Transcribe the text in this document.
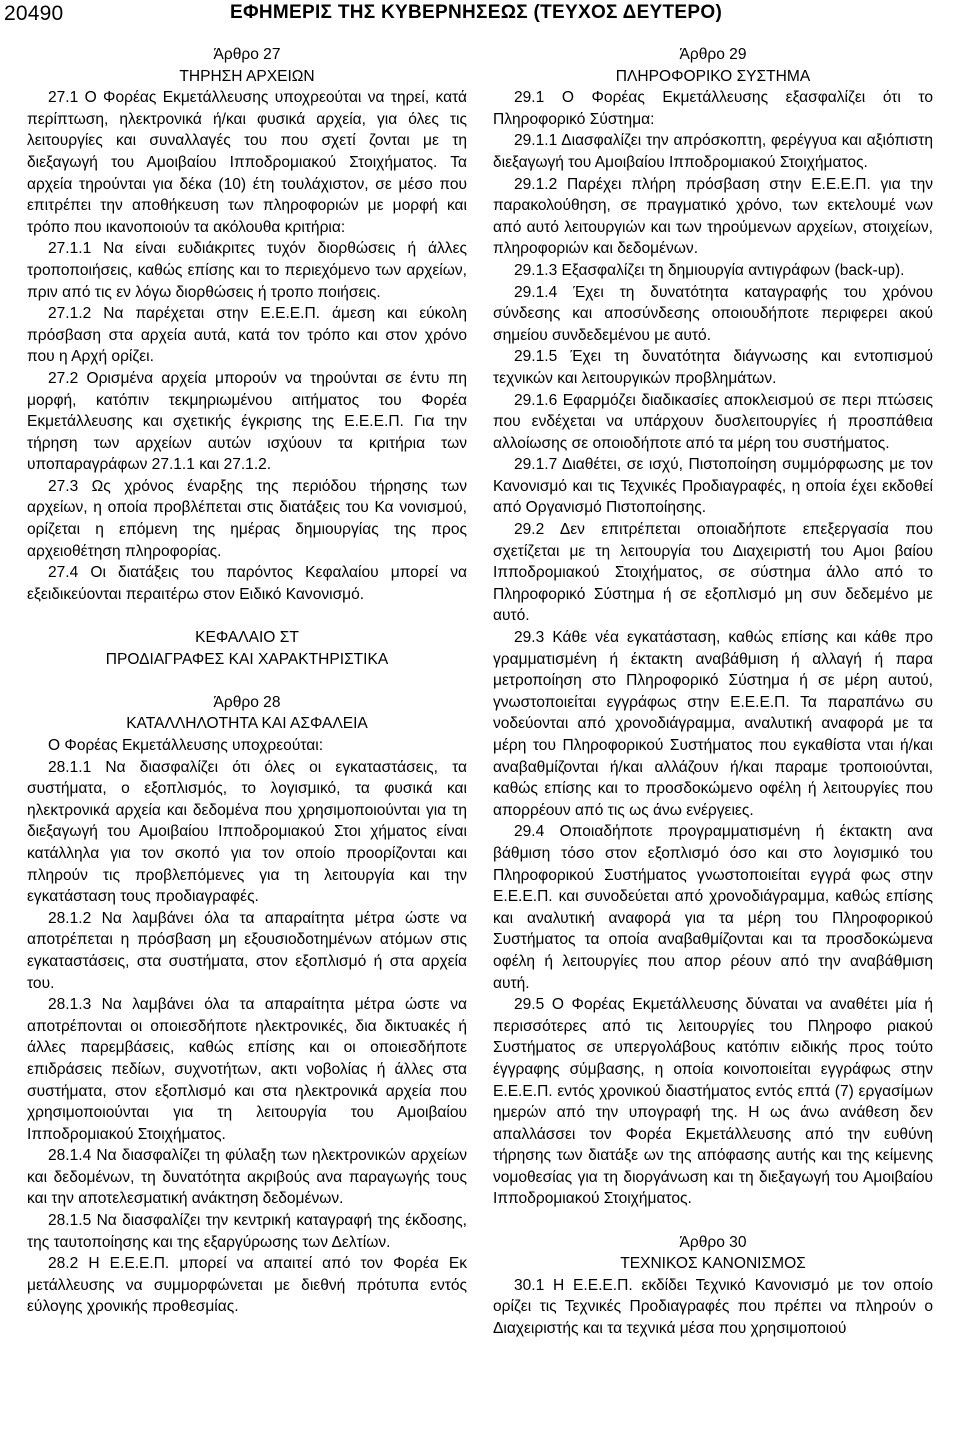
20490	ΕΦΗΜΕΡΙΣ ΤΗΣ ΚΥΒΕΡΝΗΣΕΩΣ (ΤΕΥΧΟΣ ΔΕΥΤΕΡΟ)
Άρθρο 27
ΤΗΡΗΣΗ ΑΡΧΕΙΩΝ
27.1 Ο Φορέας Εκμετάλλευσης υποχρεούται να τηρεί, κατά περίπτωση, ηλεκτρονικά ή/και φυσικά αρχεία, για όλες τις λειτουργίες και συναλλαγές του που σχετί ζονται με τη διεξαγωγή του Αμοιβαίου Ιπποδρομιακού Στοιχήματος. Τα αρχεία τηρούνται για δέκα (10) έτη τουλάχιστον, σε μέσο που επιτρέπει την αποθήκευση των πληροφοριών με μορφή και τρόπο που ικανοποιούν τα ακόλουθα κριτήρια:
27.1.1 Να είναι ευδιάκριτες τυχόν διορθώσεις ή άλλες τροποποιήσεις, καθώς επίσης και το περιεχόμενο των αρχείων, πριν από τις εν λόγω διορθώσεις ή τροπο ποιήσεις.
27.1.2 Να παρέχεται στην Ε.Ε.Ε.Π. άμεση και εύκολη πρόσβαση στα αρχεία αυτά, κατά τον τρόπο και στον χρόνο που η Αρχή ορίζει.
27.2 Ορισμένα αρχεία μπορούν να τηρούνται σε έντυ πη μορφή, κατόπιν τεκμηριωμένου αιτήματος του Φορέα Εκμετάλλευσης και σχετικής έγκρισης της Ε.Ε.Ε.Π. Για την τήρηση των αρχείων αυτών ισχύουν τα κριτήρια των υποπαραγράφων 27.1.1 και 27.1.2.
27.3 Ως χρόνος έναρξης της περιόδου τήρησης των αρχείων, η οποία προβλέπεται στις διατάξεις του Κα νονισμού, ορίζεται η επόμενη της ημέρας δημιουργίας της προς αρχειοθέτηση πληροφορίας.
27.4 Οι διατάξεις του παρόντος Κεφαλαίου μπορεί να εξειδικεύονται περαιτέρω στον Ειδικό Κανονισμό.
ΚΕΦΑΛΑΙΟ ΣΤ
ΠΡΟΔΙΑΓΡΑΦΕΣ ΚΑΙ ΧΑΡΑΚΤΗΡΙΣΤΙΚΑ
Άρθρο 28
ΚΑΤΑΛΛΗΛΟΤΗΤΑ ΚΑΙ ΑΣΦΑΛΕΙΑ
Ο Φορέας Εκμετάλλευσης υποχρεούται:
28.1.1 Να διασφαλίζει ότι όλες οι εγκαταστάσεις, τα συστήματα, ο εξοπλισμός, το λογισμικό, τα φυσικά και ηλεκτρονικά αρχεία και δεδομένα που χρησιμοποιούνται για τη διεξαγωγή του Αμοιβαίου Ιπποδρομιακού Στοι χήματος είναι κατάλληλα για τον σκοπό για τον οποίο προορίζονται και πληρούν τις προβλεπόμενες για τη λειτουργία και την εγκατάσταση τους προδιαγραφές.
28.1.2 Να λαμβάνει όλα τα απαραίτητα μέτρα ώστε να αποτρέπεται η πρόσβαση μη εξουσιοδοτημένων ατόμων στις εγκαταστάσεις, στα συστήματα, στον εξοπλισμό ή στα αρχεία του.
28.1.3 Να λαμβάνει όλα τα απαραίτητα μέτρα ώστε να αποτρέπονται οι οποιεσδήποτε ηλεκτρονικές, δια δικτυακές ή άλλες παρεμβάσεις, καθώς επίσης και οι οποιεσδήποτε επιδράσεις πεδίων, συχνοτήτων, ακτι νοβολίας ή άλλες στα συστήματα, στον εξοπλισμό και στα ηλεκτρονικά αρχεία που χρησιμοποιούνται για τη λειτουργία του Αμοιβαίου Ιπποδρομιακού Στοιχήματος.
28.1.4 Να διασφαλίζει τη φύλαξη των ηλεκτρονικών αρχείων και δεδομένων, τη δυνατότητα ακριβούς ανα παραγωγής τους και την αποτελεσματική ανάκτηση δεδομένων.
28.1.5 Να διασφαλίζει την κεντρική καταγραφή της έκδοσης, της ταυτοποίησης και της εξαργύρωσης των Δελτίων.
28.2 Η Ε.Ε.Ε.Π. μπορεί να απαιτεί από τον Φορέα Εκ μετάλλευσης να συμμορφώνεται με διεθνή πρότυπα εντός εύλογης χρονικής προθεσμίας.
Άρθρο 29
ΠΛΗΡΟΦΟΡΙΚΟ ΣΥΣΤΗΜΑ
29.1 Ο Φορέας Εκμετάλλευσης εξασφαλίζει ότι το Πληροφορικό Σύστημα:
29.1.1 Διασφαλίζει την απρόσκοπτη, φερέγγυα και αξιόπιστη διεξαγωγή του Αμοιβαίου Ιπποδρομιακού Στοιχήματος.
29.1.2 Παρέχει πλήρη πρόσβαση στην Ε.Ε.Ε.Π. για την παρακολούθηση, σε πραγματικό χρόνο, των εκτελουμέ νων από αυτό λειτουργιών και των τηρούμενων αρχείων, στοιχείων, πληροφοριών και δεδομένων.
29.1.3 Εξασφαλίζει τη δημιουργία αντιγράφων (back-up).
29.1.4 Έχει τη δυνατότητα καταγραφής του χρόνου σύνδεσης και αποσύνδεσης οποιουδήποτε περιφερει ακού σημείου συνδεδεμένου με αυτό.
29.1.5 Έχει τη δυνατότητα διάγνωσης και εντοπισμού τεχνικών και λειτουργικών προβλημάτων.
29.1.6 Εφαρμόζει διαδικασίες αποκλεισμού σε περι πτώσεις που ενδέχεται να υπάρχουν δυσλειτουργίες ή προσπάθεια αλλοίωσης σε οποιοδήποτε από τα μέρη του συστήματος.
29.1.7 Διαθέτει, σε ισχύ, Πιστοποίηση συμμόρφωσης με τον Κανονισμό και τις Τεχνικές Προδιαγραφές, η οποία έχει εκδοθεί από Οργανισμό Πιστοποίησης.
29.2 Δεν επιτρέπεται οποιαδήποτε επεξεργασία που σχετίζεται με τη λειτουργία του Διαχειριστή του Αμοι βαίου Ιπποδρομιακού Στοιχήματος, σε σύστημα άλλο από το Πληροφορικό Σύστημα ή σε εξοπλισμό μη συν δεδεμένο με αυτό.
29.3 Κάθε νέα εγκατάσταση, καθώς επίσης και κάθε προ γραμματισμένη ή έκτακτη αναβάθμιση ή αλλαγή ή παρα μετροποίηση στο Πληροφορικό Σύστημα ή σε μέρη αυτού, γνωστοποιείται εγγράφως στην Ε.Ε.Ε.Π. Τα παραπάνω συ νοδεύονται από χρονοδιάγραμμα, αναλυτική αναφορά με τα μέρη του Πληροφορικού Συστήματος που εγκαθίστα νται ή/και αναβαθμίζονται ή/και αλλάζουν ή/και παραμε τροποιούνται, καθώς επίσης και το προσδοκώμενο οφέλη ή λειτουργίες που απορρέουν από τις ως άνω ενέργειες.
29.4 Οποιαδήποτε προγραμματισμένη ή έκτακτη ανα βάθμιση τόσο στον εξοπλισμό όσο και στο λογισμικό του Πληροφορικού Συστήματος γνωστοποιείται εγγρά φως στην Ε.Ε.Ε.Π. και συνοδεύεται από χρονοδιάγραμμα, καθώς επίσης και αναλυτική αναφορά για τα μέρη του Πληροφορικού Συστήματος τα οποία αναβαθμίζονται και τα προσδοκώμενα οφέλη ή λειτουργίες που απορ ρέουν από την αναβάθμιση αυτή.
29.5 Ο Φορέας Εκμετάλλευσης δύναται να αναθέτει μία ή περισσότερες από τις λειτουργίες του Πληροφο ριακού Συστήματος σε υπεργολάβους κατόπιν ειδικής προς τούτο έγγραφης σύμβασης, η οποία κοινοποιείται εγγράφως στην Ε.Ε.Ε.Π. εντός χρονικού διαστήματος εντός επτά (7) εργασίμων ημερών από την υπογραφή της. Η ως άνω ανάθεση δεν απαλλάσσει τον Φορέα Εκμετάλλευσης από την ευθύνη τήρησης των διατάξε ων της απόφασης αυτής και της κείμενης νομοθεσίας για τη διοργάνωση και τη διεξαγωγή του Αμοιβαίου Ιπποδρομιακού Στοιχήματος.
Άρθρο 30
ΤΕΧΝΙΚΟΣ ΚΑΝΟΝΙΣΜΟΣ
30.1 Η Ε.Ε.Ε.Π. εκδίδει Τεχνικό Κανονισμό με τον οποίο ορίζει τις Τεχνικές Προδιαγραφές που πρέπει να πληρούν ο Διαχειριστής και τα τεχνικά μέσα που χρησιμοποιού
